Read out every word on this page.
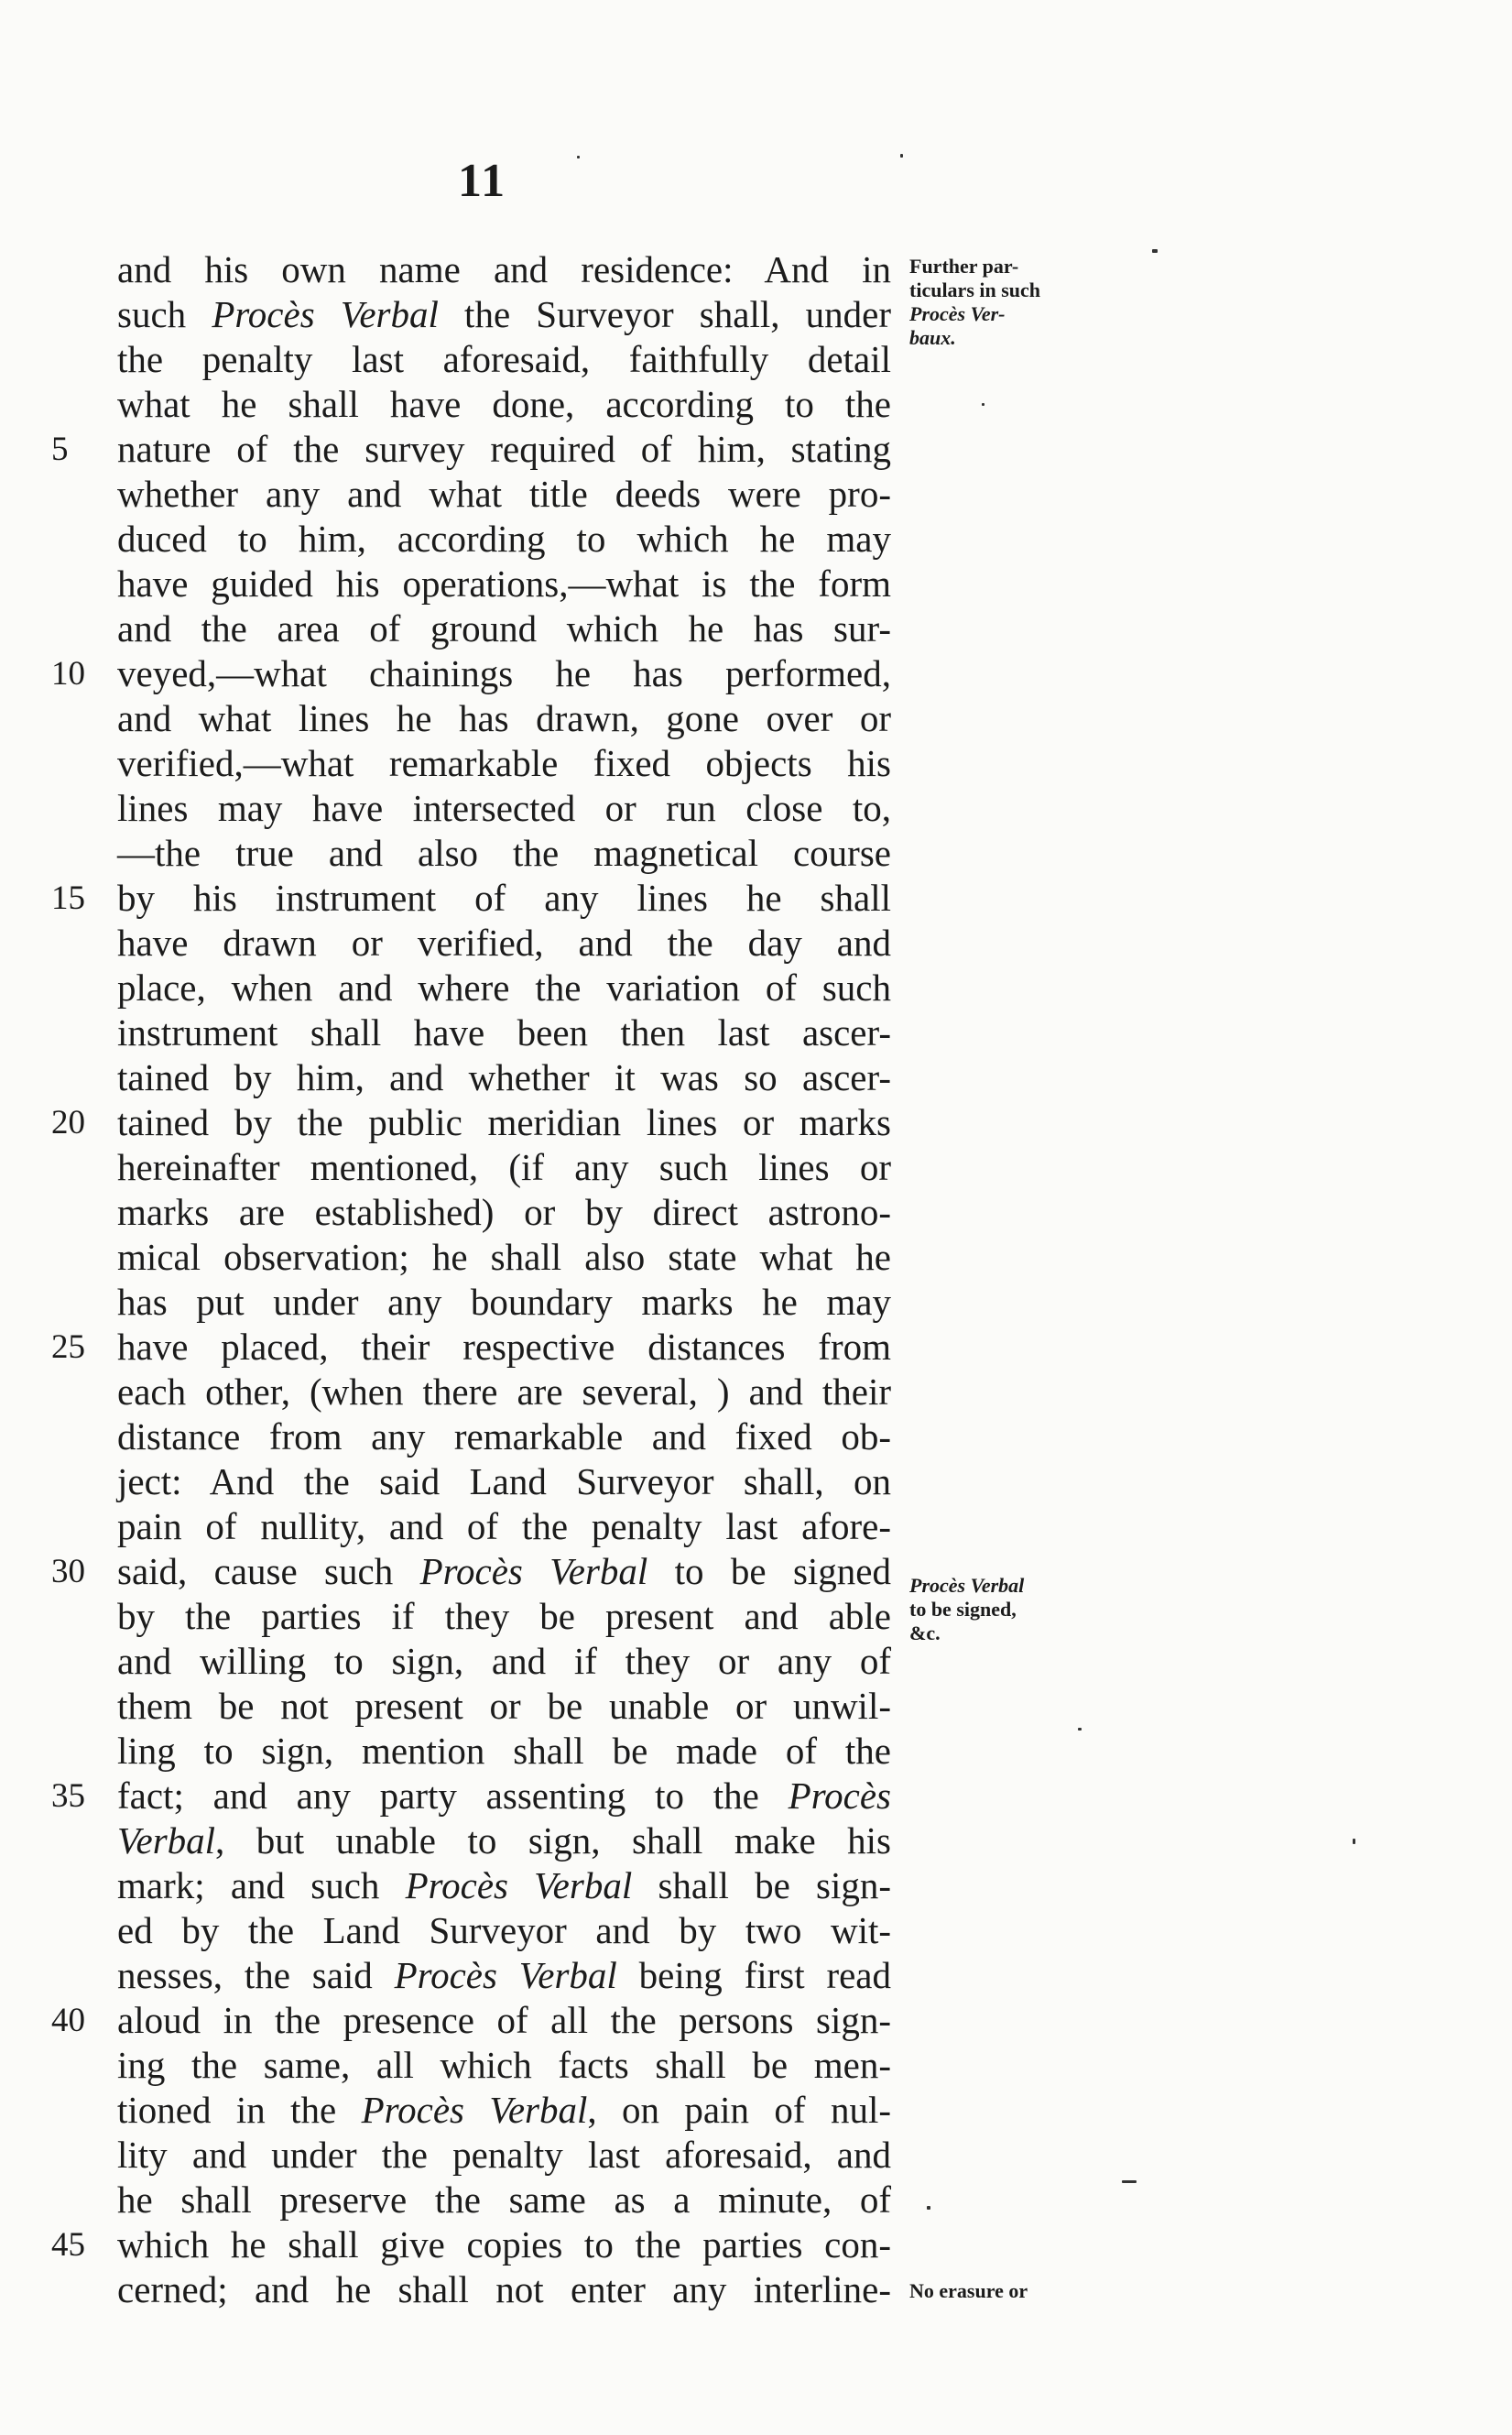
11
and his own name and residence: And in
such Procès Verbal the Surveyor shall, under
the penalty last aforesaid, faithfully detail
what he shall have done, according to the
nature of the survey required of him, stating
whether any and what title deeds were pro-
duced to him, according to which he may
have guided his operations,—what is the form
and the area of ground which he has sur-
veyed,—what chainings he has performed,
and what lines he has drawn, gone over or
verified,—what remarkable fixed objects his
lines may have intersected or run close to,
—the true and also the magnetical course
by his instrument of any lines he shall
have drawn or verified, and the day and
place, when and where the variation of such
instrument shall have been then last ascer-
tained by him, and whether it was so ascer-
tained by the public meridian lines or marks
hereinafter mentioned, (if any such lines or
marks are established) or by direct astrono-
mical observation; he shall also state what he
has put under any boundary marks he may
have placed, their respective distances from
each other, (when there are several, ) and their
distance from any remarkable and fixed ob-
ject: And the said Land Surveyor shall, on
pain of nullity, and of the penalty last afore-
said, cause such Procès Verbal to be signed
by the parties if they be present and able
and willing to sign, and if they or any of
them be not present or be unable or unwil-
ling to sign, mention shall be made of the
fact; and any party assenting to the Procès
Verbal, but unable to sign, shall make his
mark; and such Procès Verbal shall be sign-
ed by the Land Surveyor and by two wit-
nesses, the said Procès Verbal being first read
aloud in the presence of all the persons sign-
ing the same, all which facts shall be men-
tioned in the Procès Verbal, on pain of nul-
lity and under the penalty last aforesaid, and
he shall preserve the same as a minute, of
which he shall give copies to the parties con-
cerned; and he shall not enter any interline-
5
10
15
20
25
30
35
40
45
Further par-
ticulars in such
Procès Ver-
baux.
Procès Verbal
to be signed,
&c.
No erasure or
